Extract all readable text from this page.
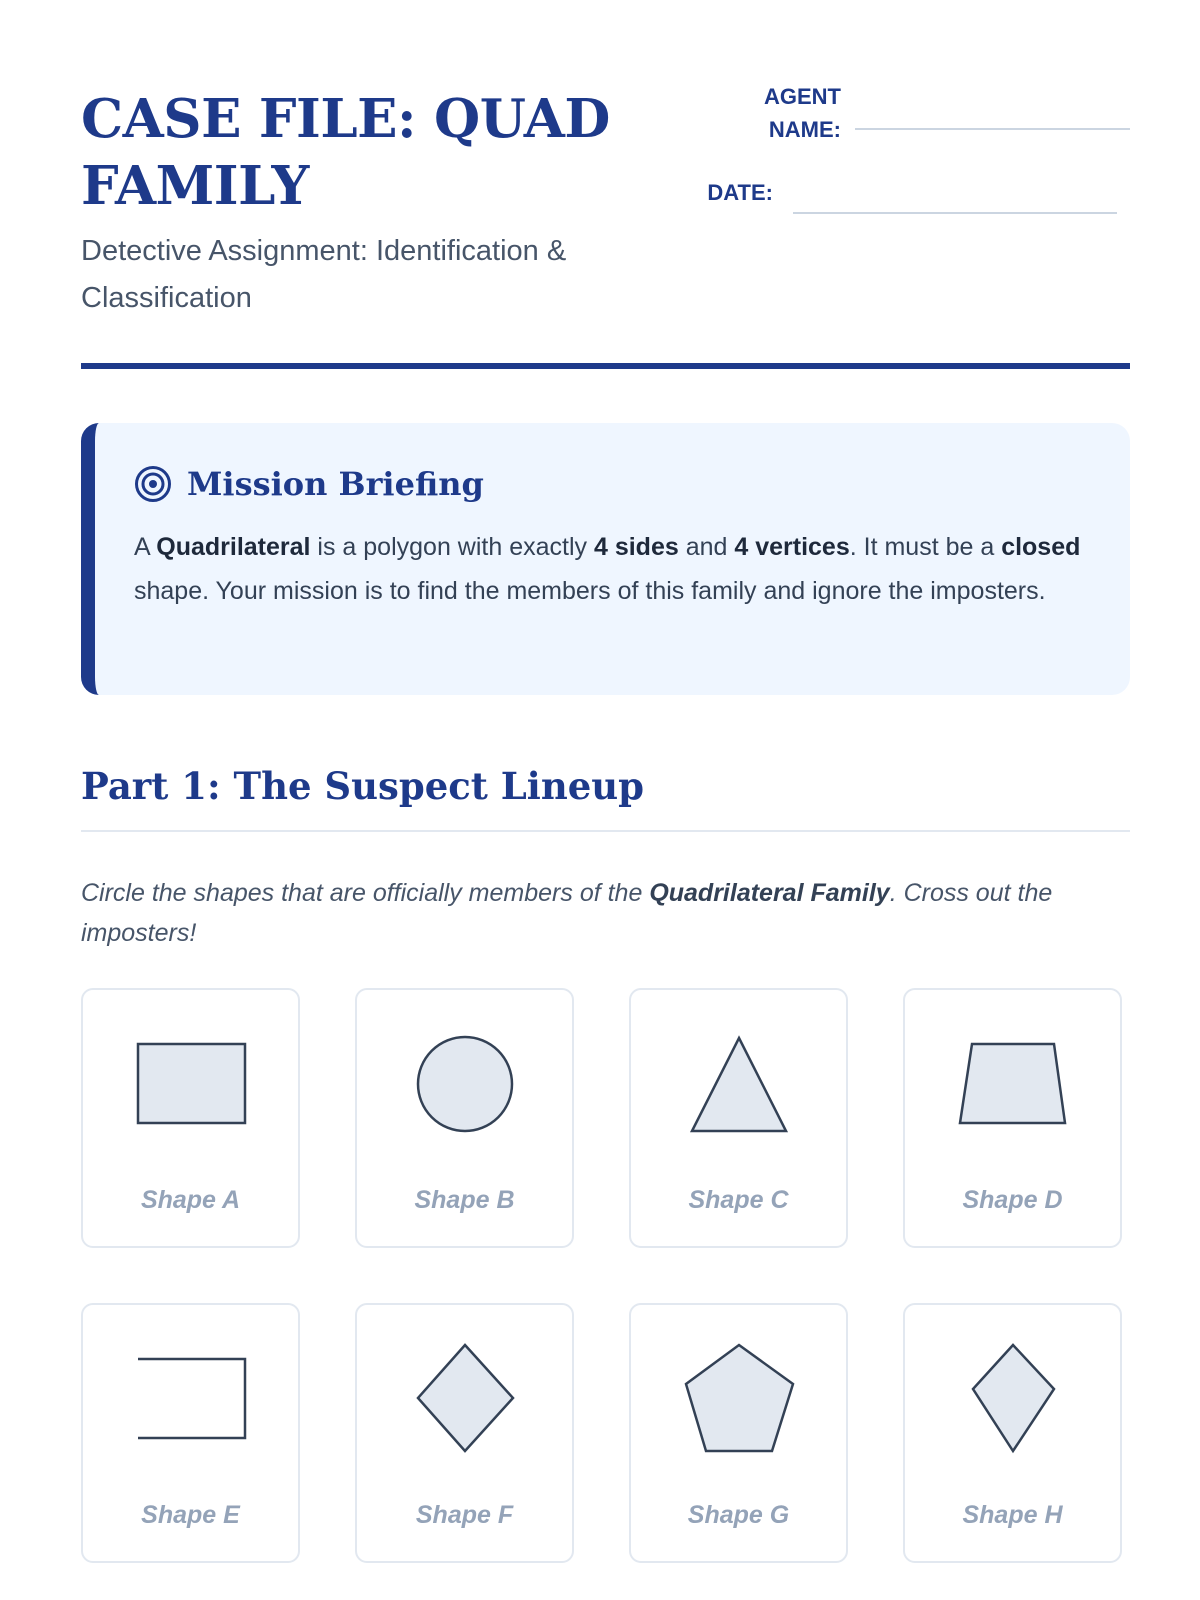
CASE FILE: QUAD FAMILY

Detective Assignment: Identification & Classification

AGENT
NAME:
DATE:
Mission Briefing

A Quadrilateral is a polygon with exactly 4 sides and 4 vertices. It must be a closed shape. Your mission is to find the members of this family and ignore the imposters.

Part 1: The Suspect Lineup

Circle the shapes that are officially members of the Quadrilateral Family. Cross out the imposters!

Shape A	Shape B	Shape C	Shape D
Shape E	Shape F	Shape G	Shape H
